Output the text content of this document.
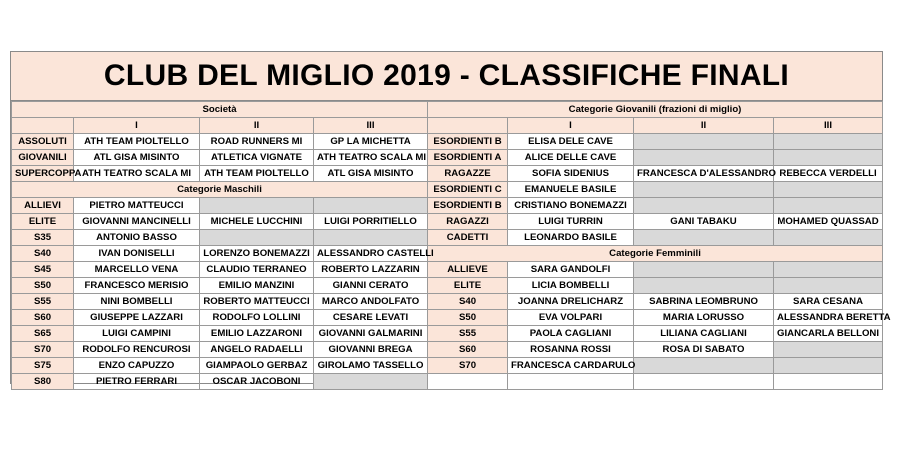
CLUB DEL MIGLIO 2019 - CLASSIFICHE FINALI
Società				Categorie Giovanili (frazioni di miglio)			
	I	II	III		I	II	III
ASSOLUTI	ATH TEAM PIOLTELLO	ROAD RUNNERS MI	GP LA MICHETTA	ESORDIENTI B	ELISA DELE CAVE		
GIOVANILI	ATL GISA MISINTO	ATLETICA VIGNATE	ATH TEATRO SCALA MI	ESORDIENTI A	ALICE DELLE CAVE		
SUPERCOPPA	ATH TEATRO SCALA MI	ATH TEAM PIOLTELLO	ATL GISA MISINTO	RAGAZZE	SOFIA SIDENIUS	FRANCESCA D'ALESSANDRO	REBECCA VERDELLI
Categorie Maschili				ESORDIENTI C	EMANUELE BASILE		
ALLIEVI	PIETRO MATTEUCCI			ESORDIENTI B	CRISTIANO BONEMAZZI		
ELITE	GIOVANNI MANCINELLI	MICHELE LUCCHINI	LUIGI PORRITIELLO	RAGAZZI	LUIGI TURRIN	GANI TABAKU	MOHAMED QUASSAD
S35	ANTONIO BASSO			CADETTI	LEONARDO BASILE		
S40	IVAN DONISELLI	LORENZO BONEMAZZI	ALESSANDRO CASTELLI	Categorie Femminili			
S45	MARCELLO VENA	CLAUDIO TERRANEO	ROBERTO LAZZARIN	ALLIEVE	SARA GANDOLFI		
S50	FRANCESCO MERISIO	EMILIO MANZINI	GIANNI CERATO	ELITE	LICIA BOMBELLI		
S55	NINI BOMBELLI	ROBERTO MATTEUCCI	MARCO ANDOLFATO	S40	JOANNA DRELICHARZ	SABRINA LEOMBRUNO	SARA CESANA
S60	GIUSEPPE LAZZARI	RODOLFO LOLLINI	CESARE LEVATI	S50	EVA VOLPARI	MARIA LORUSSO	ALESSANDRA BERETTA
S65	LUIGI CAMPINI	EMILIO LAZZARONI	GIOVANNI GALMARINI	S55	PAOLA CAGLIANI	LILIANA CAGLIANI	GIANCARLA BELLONI
S70	RODOLFO RENCUROSI	ANGELO RADAELLI	GIOVANNI BREGA	S60	ROSANNA ROSSI	ROSA DI SABATO	
S75	ENZO CAPUZZO	GIAMPAOLO GERBAZ	GIROLAMO TASSELLO	S70	FRANCESCA CARDARULO		
S80	PIETRO FERRARI	OSCAR JACOBONI					
